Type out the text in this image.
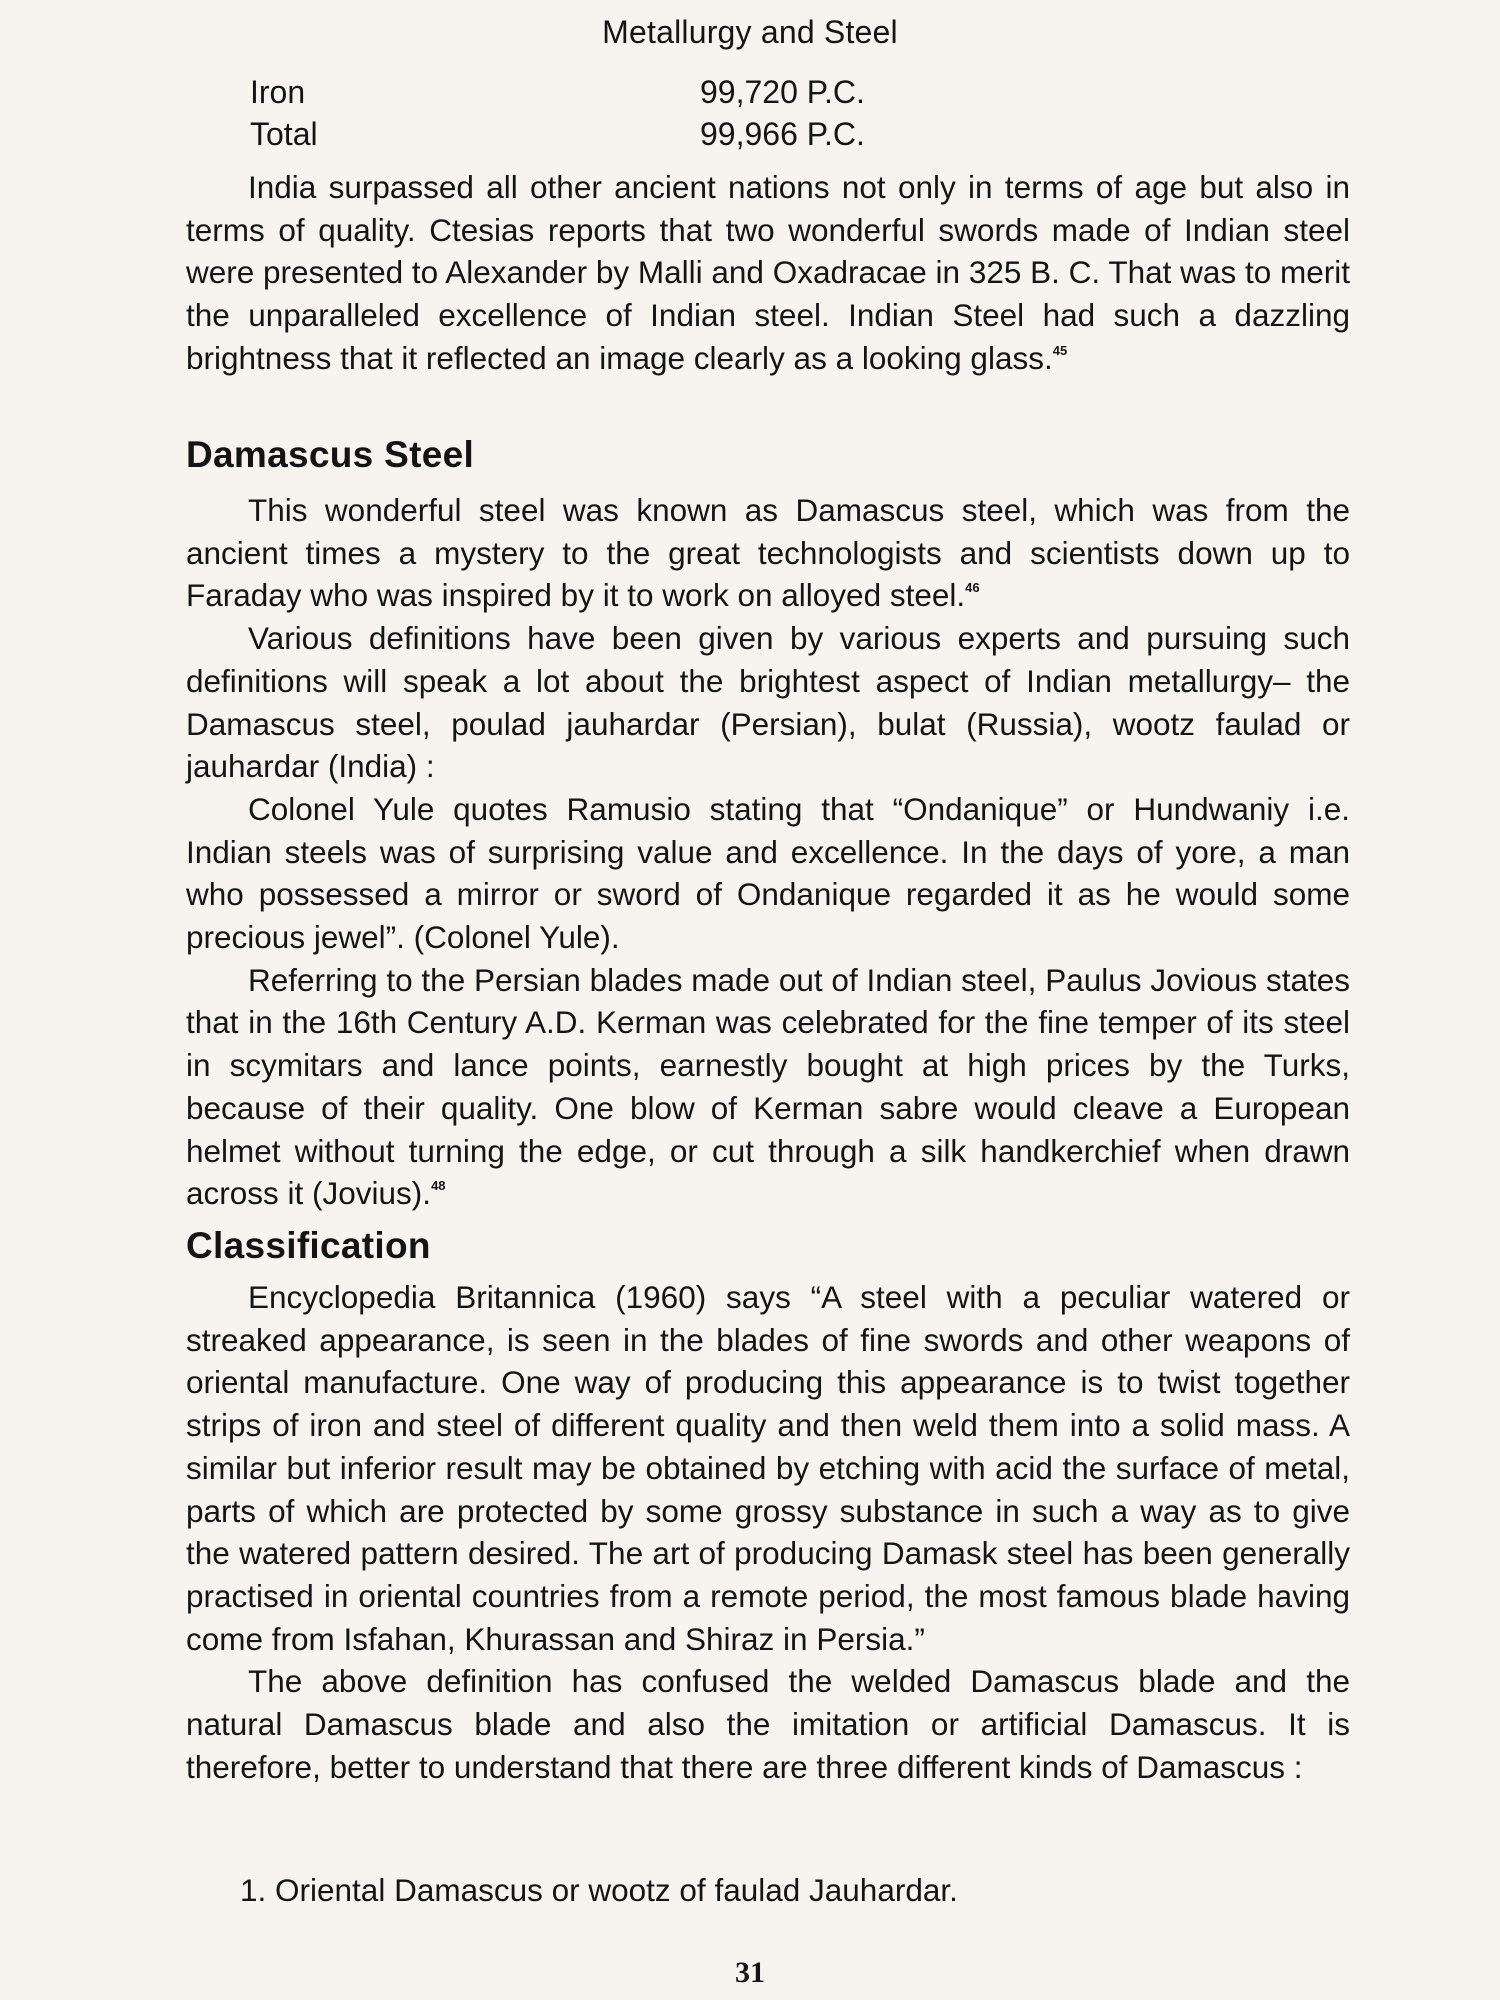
Metallurgy and Steel
Iron	99,720 P.C.
Total	99,966 P.C.

India surpassed all other ancient nations not only in terms of age but also in terms of quality. Ctesias reports that two wonderful swords made of Indian steel were presented to Alexander by Malli and Oxadracae in 325 B. C. That was to merit the unparalleled excellence of Indian steel. Indian Steel had such a dazzling brightness that it reflected an image clearly as a looking glass.$^{45}$

Damascus Steel

This wonderful steel was known as Damascus steel, which was from the ancient times a mystery to the great technologists and scientists down up to Faraday who was inspired by it to work on alloyed steel.$^{46}$

Various definitions have been given by various experts and pursuing such definitions will speak a lot about the brightest aspect of Indian metallurgy– the Damascus steel, poulad jauhardar (Persian), bulat (Russia), wootz faulad or jauhardar (India) :

Colonel Yule quotes Ramusio stating that “Ondanique” or Hundwaniy i.e. Indian steels was of surprising value and excellence. In the days of yore, a man who possessed a mirror or sword of Ondanique regarded it as he would some precious jewel”. (Colonel Yule).

Referring to the Persian blades made out of Indian steel, Paulus Jovious states that in the 16th Century A.D. Kerman was celebrated for the fine temper of its steel in scymitars and lance points, earnestly bought at high prices by the Turks, because of their quality. One blow of Kerman sabre would cleave a European helmet without turning the edge, or cut through a silk handkerchief when drawn across it (Jovius).$^{48}$

Classification

Encyclopedia Britannica (1960) says “A steel with a peculiar watered or streaked appearance, is seen in the blades of fine swords and other weapons of oriental manufacture. One way of producing this appearance is to twist together strips of iron and steel of different quality and then weld them into a solid mass. A similar but inferior result may be obtained by etching with acid the surface of metal, parts of which are protected by some grossy substance in such a way as to give the watered pattern desired. The art of producing Damask steel has been generally practised in oriental countries from a remote period, the most famous blade having come from Isfahan, Khurassan and Shiraz in Persia.”

The above definition has confused the welded Damascus blade and the natural Damascus blade and also the imitation or artificial Damascus. It is therefore, better to understand that there are three different kinds of Damascus :

1. Oriental Damascus or wootz of faulad Jauhardar.
31
